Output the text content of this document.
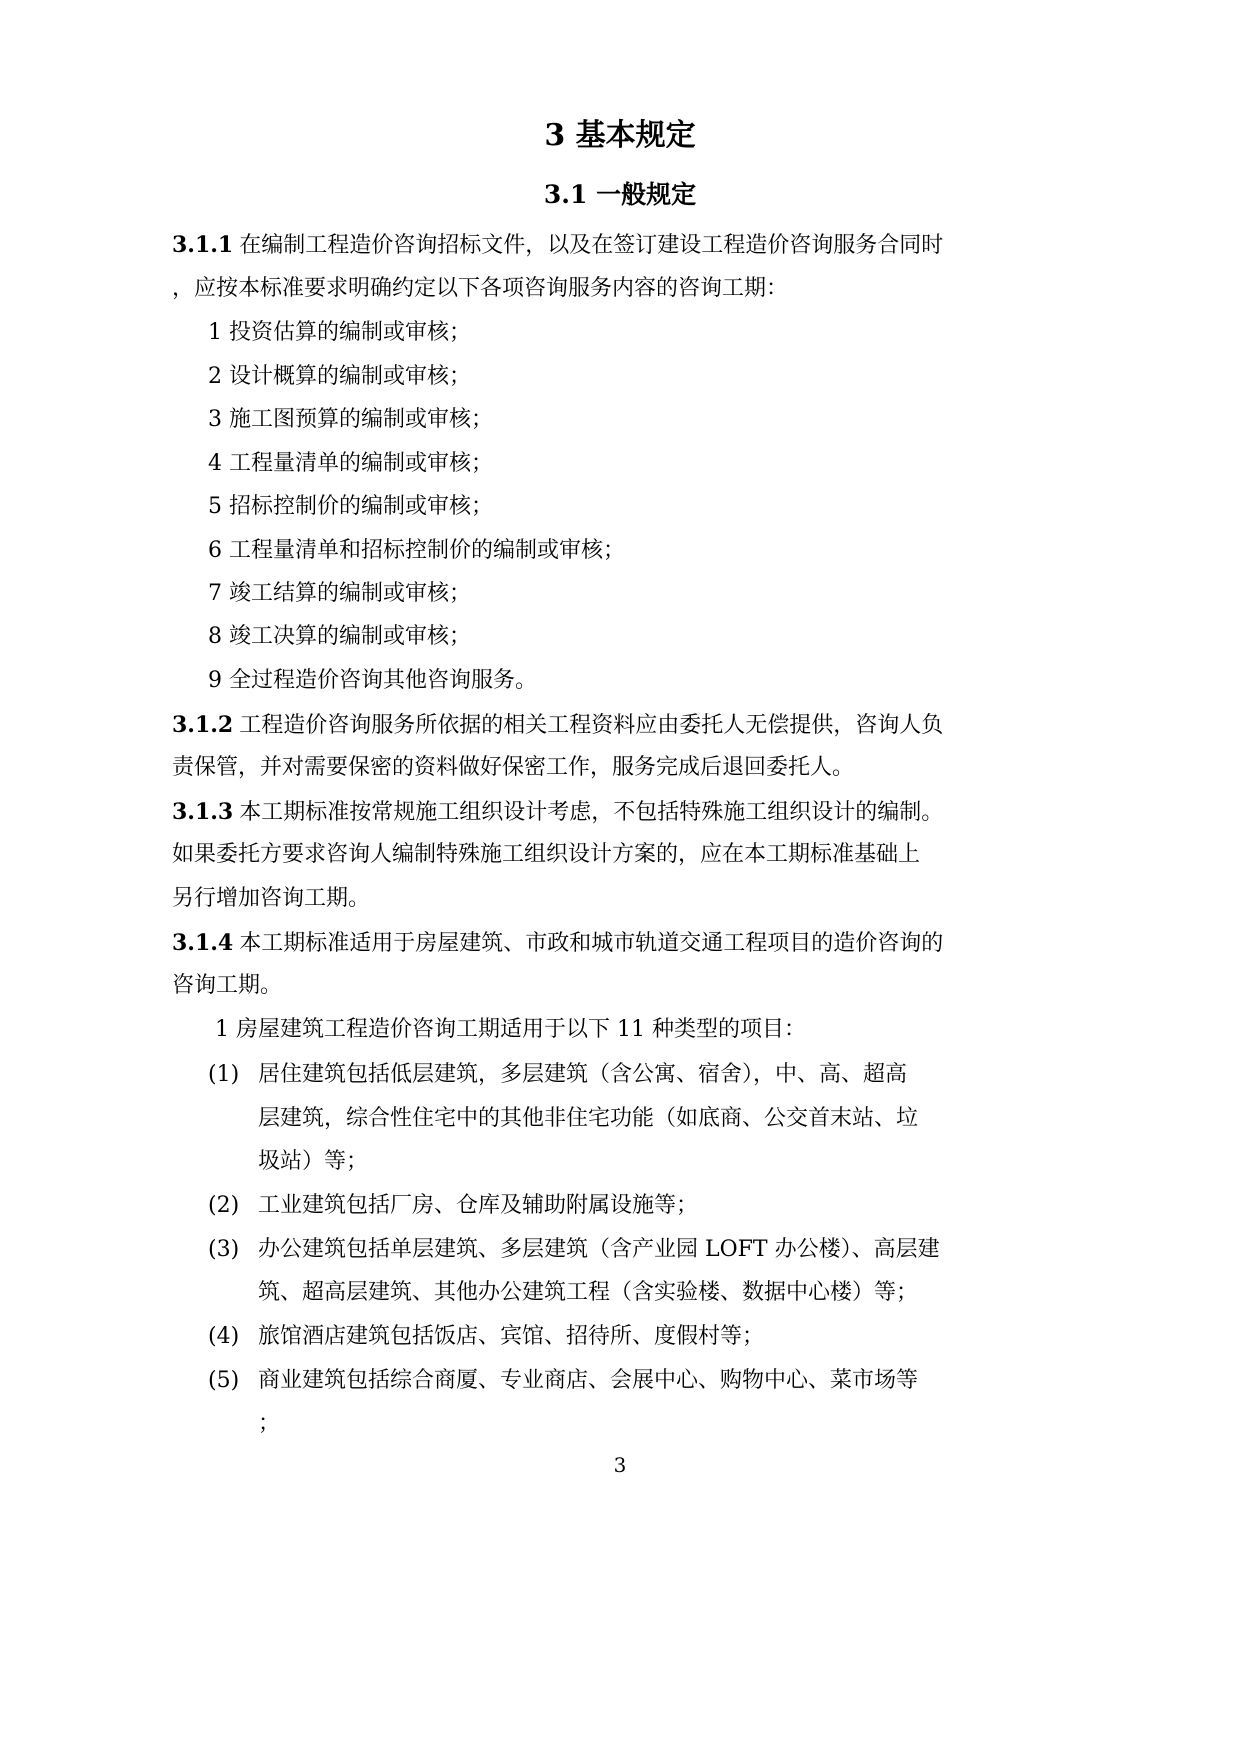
3 基本规定
3.1 一般规定
3.1.1 在编制工程造价咨询招标文件，以及在签订建设工程造价咨询服务合同时
，应按本标准要求明确约定以下各项咨询服务内容的咨询工期：
1 投资估算的编制或审核；
2 设计概算的编制或审核；
3 施工图预算的编制或审核；
4 工程量清单的编制或审核；
5 招标控制价的编制或审核；
6 工程量清单和招标控制价的编制或审核；
7 竣工结算的编制或审核；
8 竣工决算的编制或审核；
9 全过程造价咨询其他咨询服务。
3.1.2 工程造价咨询服务所依据的相关工程资料应由委托人无偿提供，咨询人负
责保管，并对需要保密的资料做好保密工作，服务完成后退回委托人。
3.1.3 本工期标准按常规施工组织设计考虑，不包括特殊施工组织设计的编制。
如果委托方要求咨询人编制特殊施工组织设计方案的，应在本工期标准基础上
另行增加咨询工期。
3.1.4 本工期标准适用于房屋建筑、市政和城市轨道交通工程项目的造价咨询的
咨询工期。
1 房屋建筑工程造价咨询工期适用于以下 11 种类型的项目：
(1) 居住建筑包括低层建筑，多层建筑（含公寓、宿舍），中、高、超高
层建筑，综合性住宅中的其他非住宅功能（如底商、公交首末站、垃
圾站）等；
(2) 工业建筑包括厂房、仓库及辅助附属设施等；
(3) 办公建筑包括单层建筑、多层建筑（含产业园 LOFT 办公楼）、高层建
筑、超高层建筑、其他办公建筑工程（含实验楼、数据中心楼）等；
(4) 旅馆酒店建筑包括饭店、宾馆、招待所、度假村等；
(5) 商业建筑包括综合商厦、专业商店、会展中心、购物中心、菜市场等
；
3
